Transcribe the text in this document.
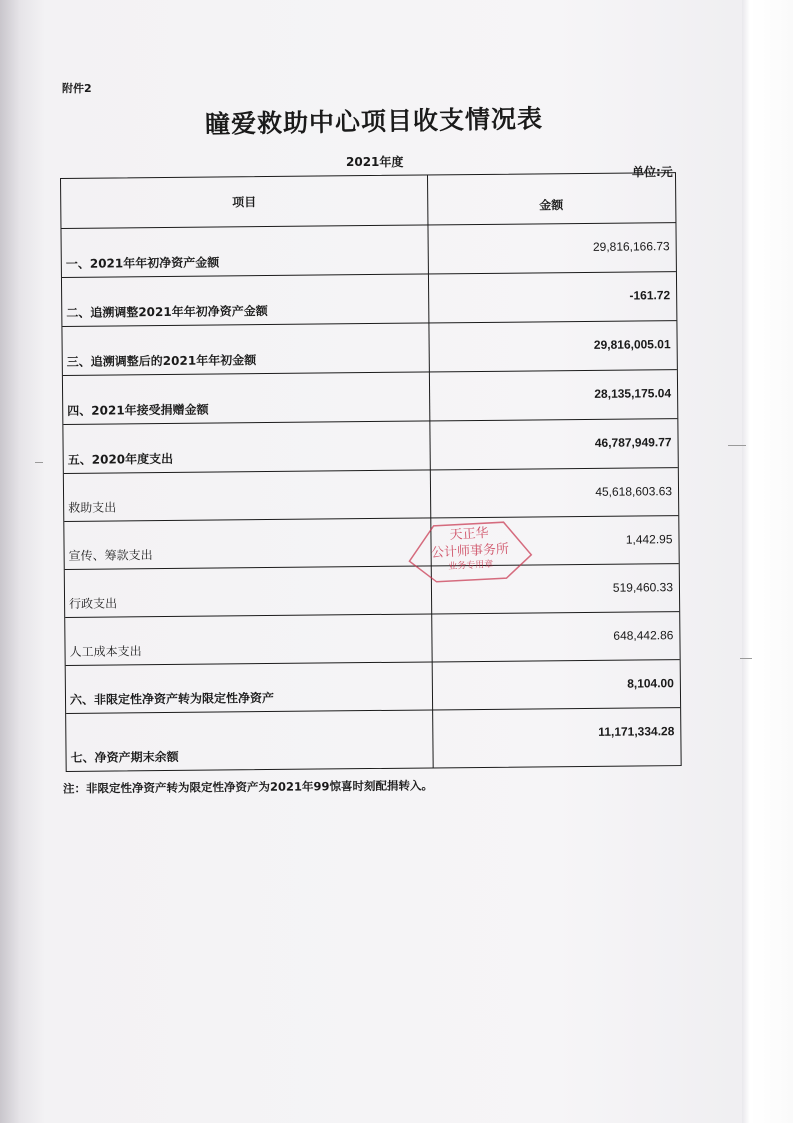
附件2
瞳爱救助中心项目收支情况表
2021年度
单位:元
项目	金额
一、2021年年初净资产金额
29,816,166.73
二、追溯调整2021年年初净资产金额
-161.72
三、追溯调整后的2021年年初金额
29,816,005.01
四、2021年接受捐赠金额
28,135,175.04
五、2020年度支出
46,787,949.77
救助支出
45,618,603.63
宣传、筹款支出
1,442.95
行政支出
519,460.33
人工成本支出
648,442.86
六、非限定性净资产转为限定性净资产
8,104.00
七、净资产期末余额
11,171,334.28
天正华
公计师事务所
业务专用章
注：非限定性净资产转为限定性净资产为2021年99惊喜时刻配捐转入。
